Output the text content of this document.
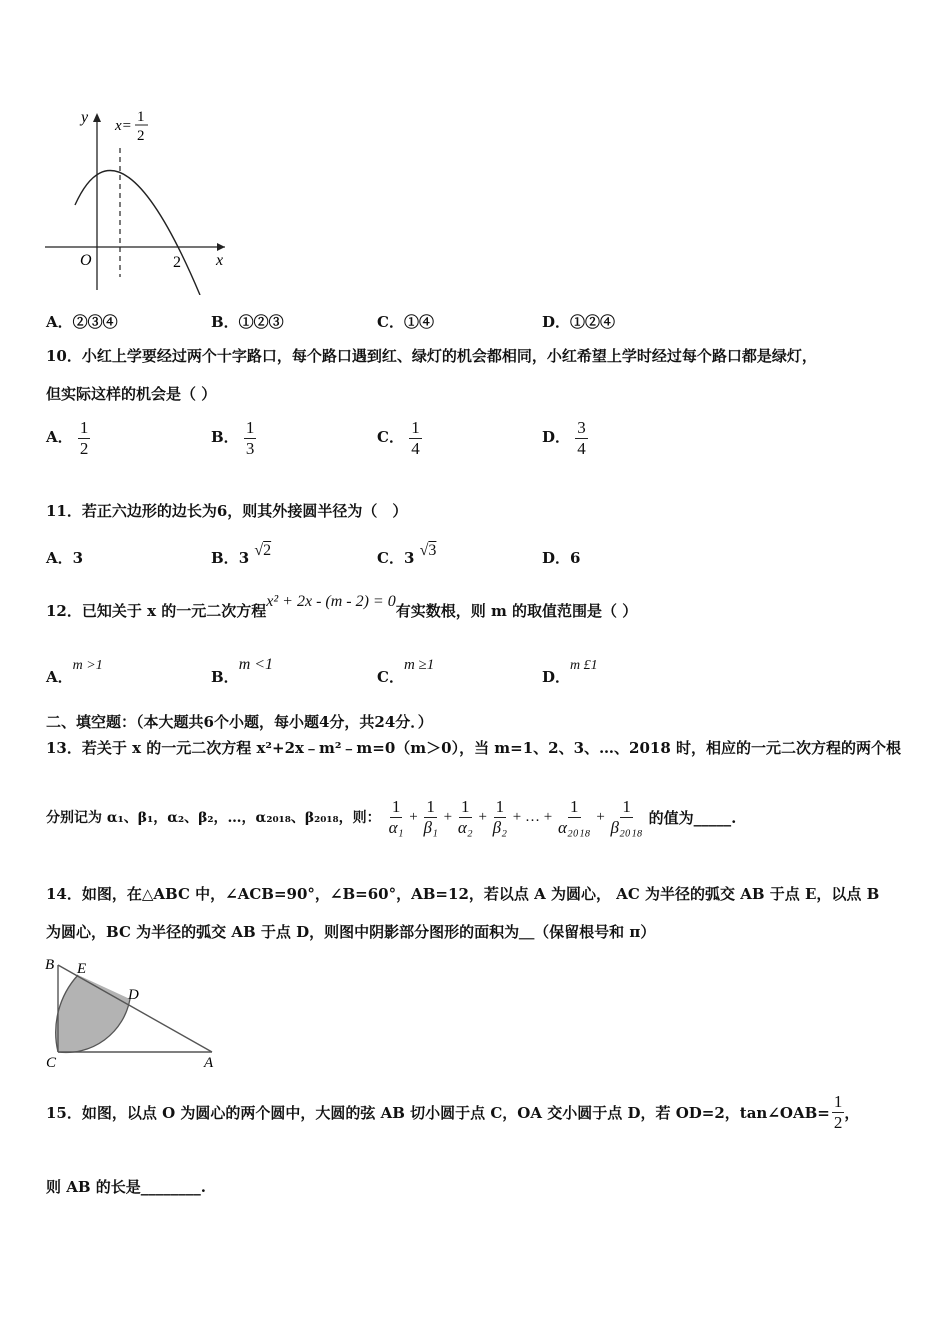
y x=
1
2
O	2 x
A．②③④	B．①②③	C．①④	D．①②④
10．小红上学要经过两个十字路口，每个路口遇到红、绿灯的机会都相同，小红希望上学时经过每个路口都是绿灯，
但实际这样的机会是（ ）
A． $\frac{1}{2}$	B． $\frac{1}{3}$	C． $\frac{1}{4}$	D． $\frac{3}{4}$
11．若正六边形的边长为6，则其外接圆半径为（　）
A．3	B．3 √2	C．3 √3	D．6
12．已知关于 x 的一元二次方程x² + 2x - (m - 2) = 0有实数根，则 m 的取值范围是（ ）
A．m >1
B．m <1
C．m ≥1
D．m £1
二、填空题：（本大题共6个小题，每小题4分，共24分．）
13．若关于 x 的一元二次方程 x²+2x﹣m²﹣m=0（m＞0），当 m=1、2、3、…、2018 时，相应的一元二次方程的两个根
分别记为 α₁、β₁，α₂、β₂，…，α₂₀₁₈、β₂₀₁₈，则： $\frac{1}{\text{α₁}} + \frac{1}{\text{β₁}} + \frac{1}{\text{α₂}} + \frac{1}{\text{β₂}}$ + … + $\frac{1}{\text{α₂₀₁₈}} + \frac{1}{\text{β₂₀₁₈}}$ 的值为_____.
14．如图，在△ABC 中，∠ACB=90°，∠B=60°，AB=12，若以点 A 为圆心， AC 为半径的弧交 AB 于点 E，以点 B
为圆心，BC 为半径的弧交 AB 于点 D，则图中阴影部分图形的面积为＿（保留根号和 π）
B E
D
C	A
15．如图，以点 O 为圆心的两个圆中，大圆的弦 AB 切小圆于点 C，OA 交小圆于点 D，若 OD=2，tan∠OAB= $\frac{1}{2}$ ，
则 AB 的长是________.
